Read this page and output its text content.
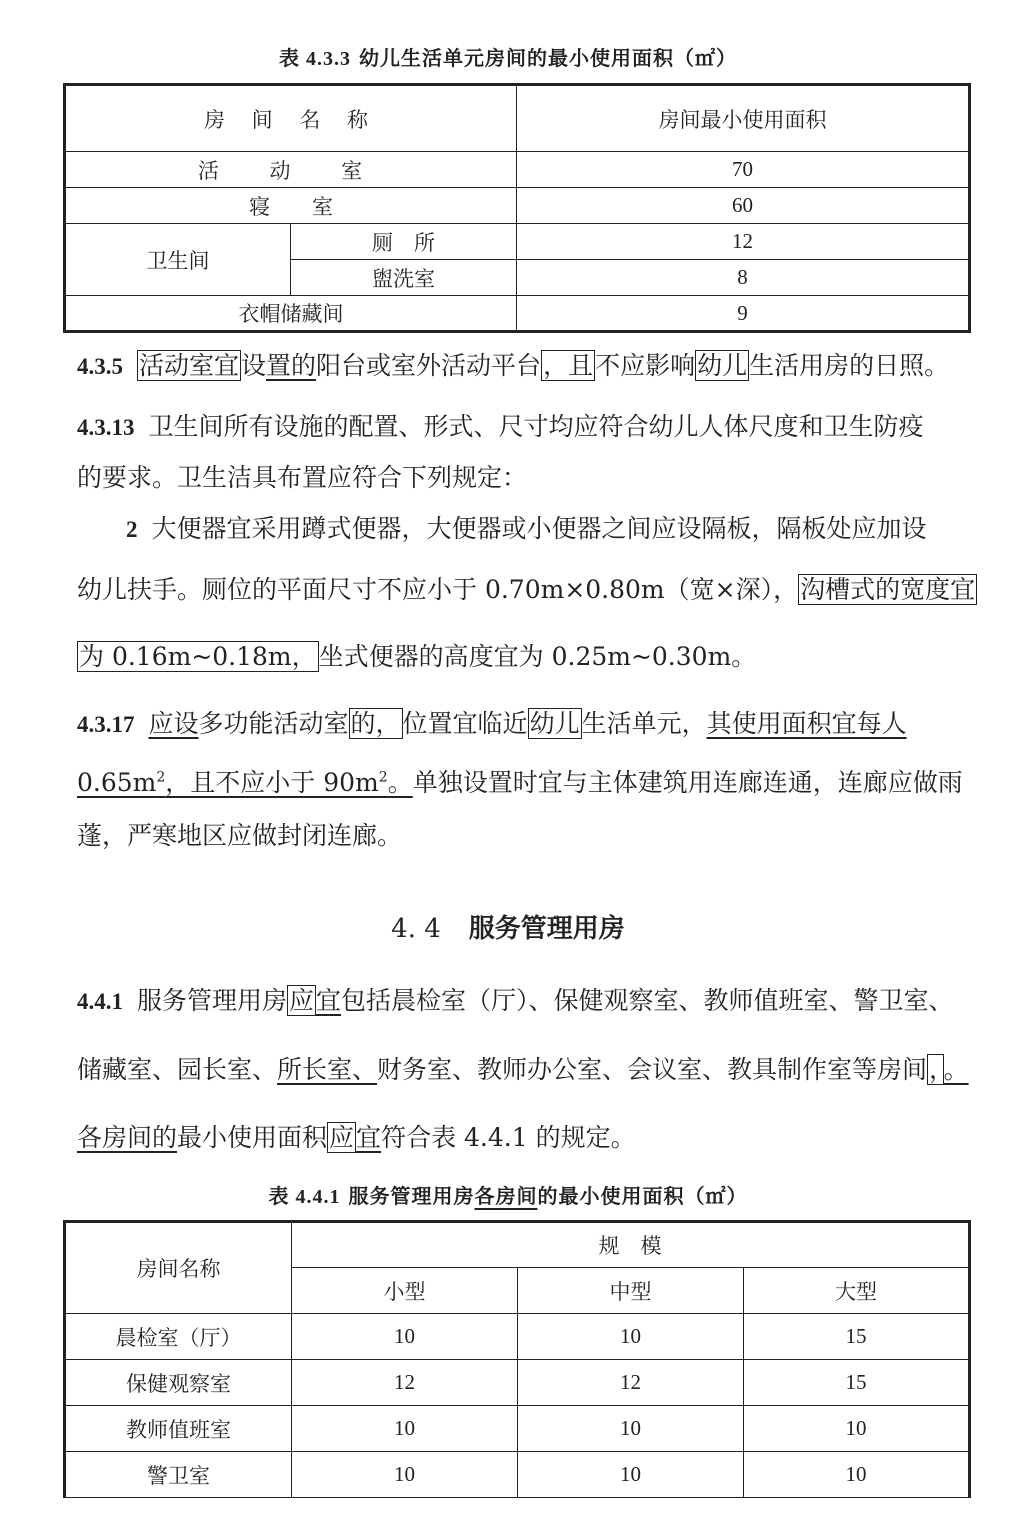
表 4.3.3 幼儿生活单元房间的最小使用面积（㎡）
房 间 名 称		房间最小使用面积
活 动 室		70
寝　　室		60
卫生间	厕　所	12
	盥洗室	8
衣帽储藏间		9
4.3.5 活动室宜设置的阳台或室外活动平台，且不应影响幼儿生活用房的日照。
4.3.13 卫生间所有设施的配置、形式、尺寸均应符合幼儿人体尺度和卫生防疫
的要求。卫生洁具布置应符合下列规定：
2 大便器宜采用蹲式便器，大便器或小便器之间应设隔板，隔板处应加设
幼儿扶手。厕位的平面尺寸不应小于 0.70m×0.80m（宽×深），沟槽式的宽度宜
为 0.16m~0.18m，坐式便器的高度宜为 0.25m~0.30m。
4.3.17 应设多功能活动室的，位置宜临近幼儿生活单元，其使用面积宜每人
$0.65m^2$，且不应小于 $90m^2$。单独设置时宜与主体建筑用连廊连通，连廊应做雨
蓬，严寒地区应做封闭连廊。
4. 4 服务管理用房
4.4.1 服务管理用房应宜包括晨检室（厅）、保健观察室、教师值班室、警卫室、
储藏室、园长室、所长室、财务室、教师办公室、会议室、教具制作室等房间，。
各房间的最小使用面积应宜符合表 4.4.1 的规定。
表 4.4.1 服务管理用房各房间的最小使用面积（㎡）
房间名称	规　模		
	小型	中型	大型
晨检室（厅）	10	10	15
保健观察室	12	12	15
教师值班室	10	10	10
警卫室	10	10	10
